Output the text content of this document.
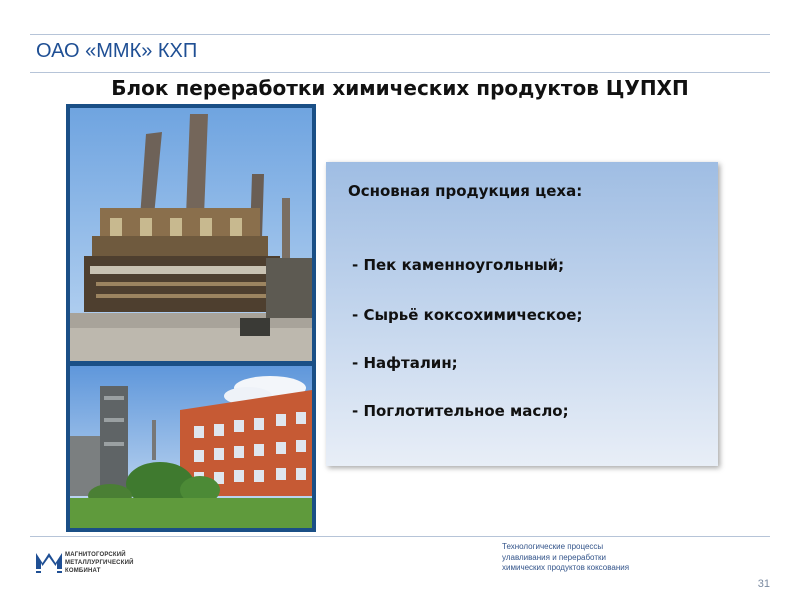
ОАО «ММК» КХП
Блок переработки химических продуктов ЦУПХП
Основная продукция цеха:
- Пек каменноугольный;
- Сырьё коксохимическое;
- Нафталин;
- Поглотительное масло;
МАГНИТОГОРСКИЙ
МЕТАЛЛУРГИЧЕСКИЙ
КОМБИНАТ
Технологические процессы
улавливания и переработки
химических продуктов коксования
31
